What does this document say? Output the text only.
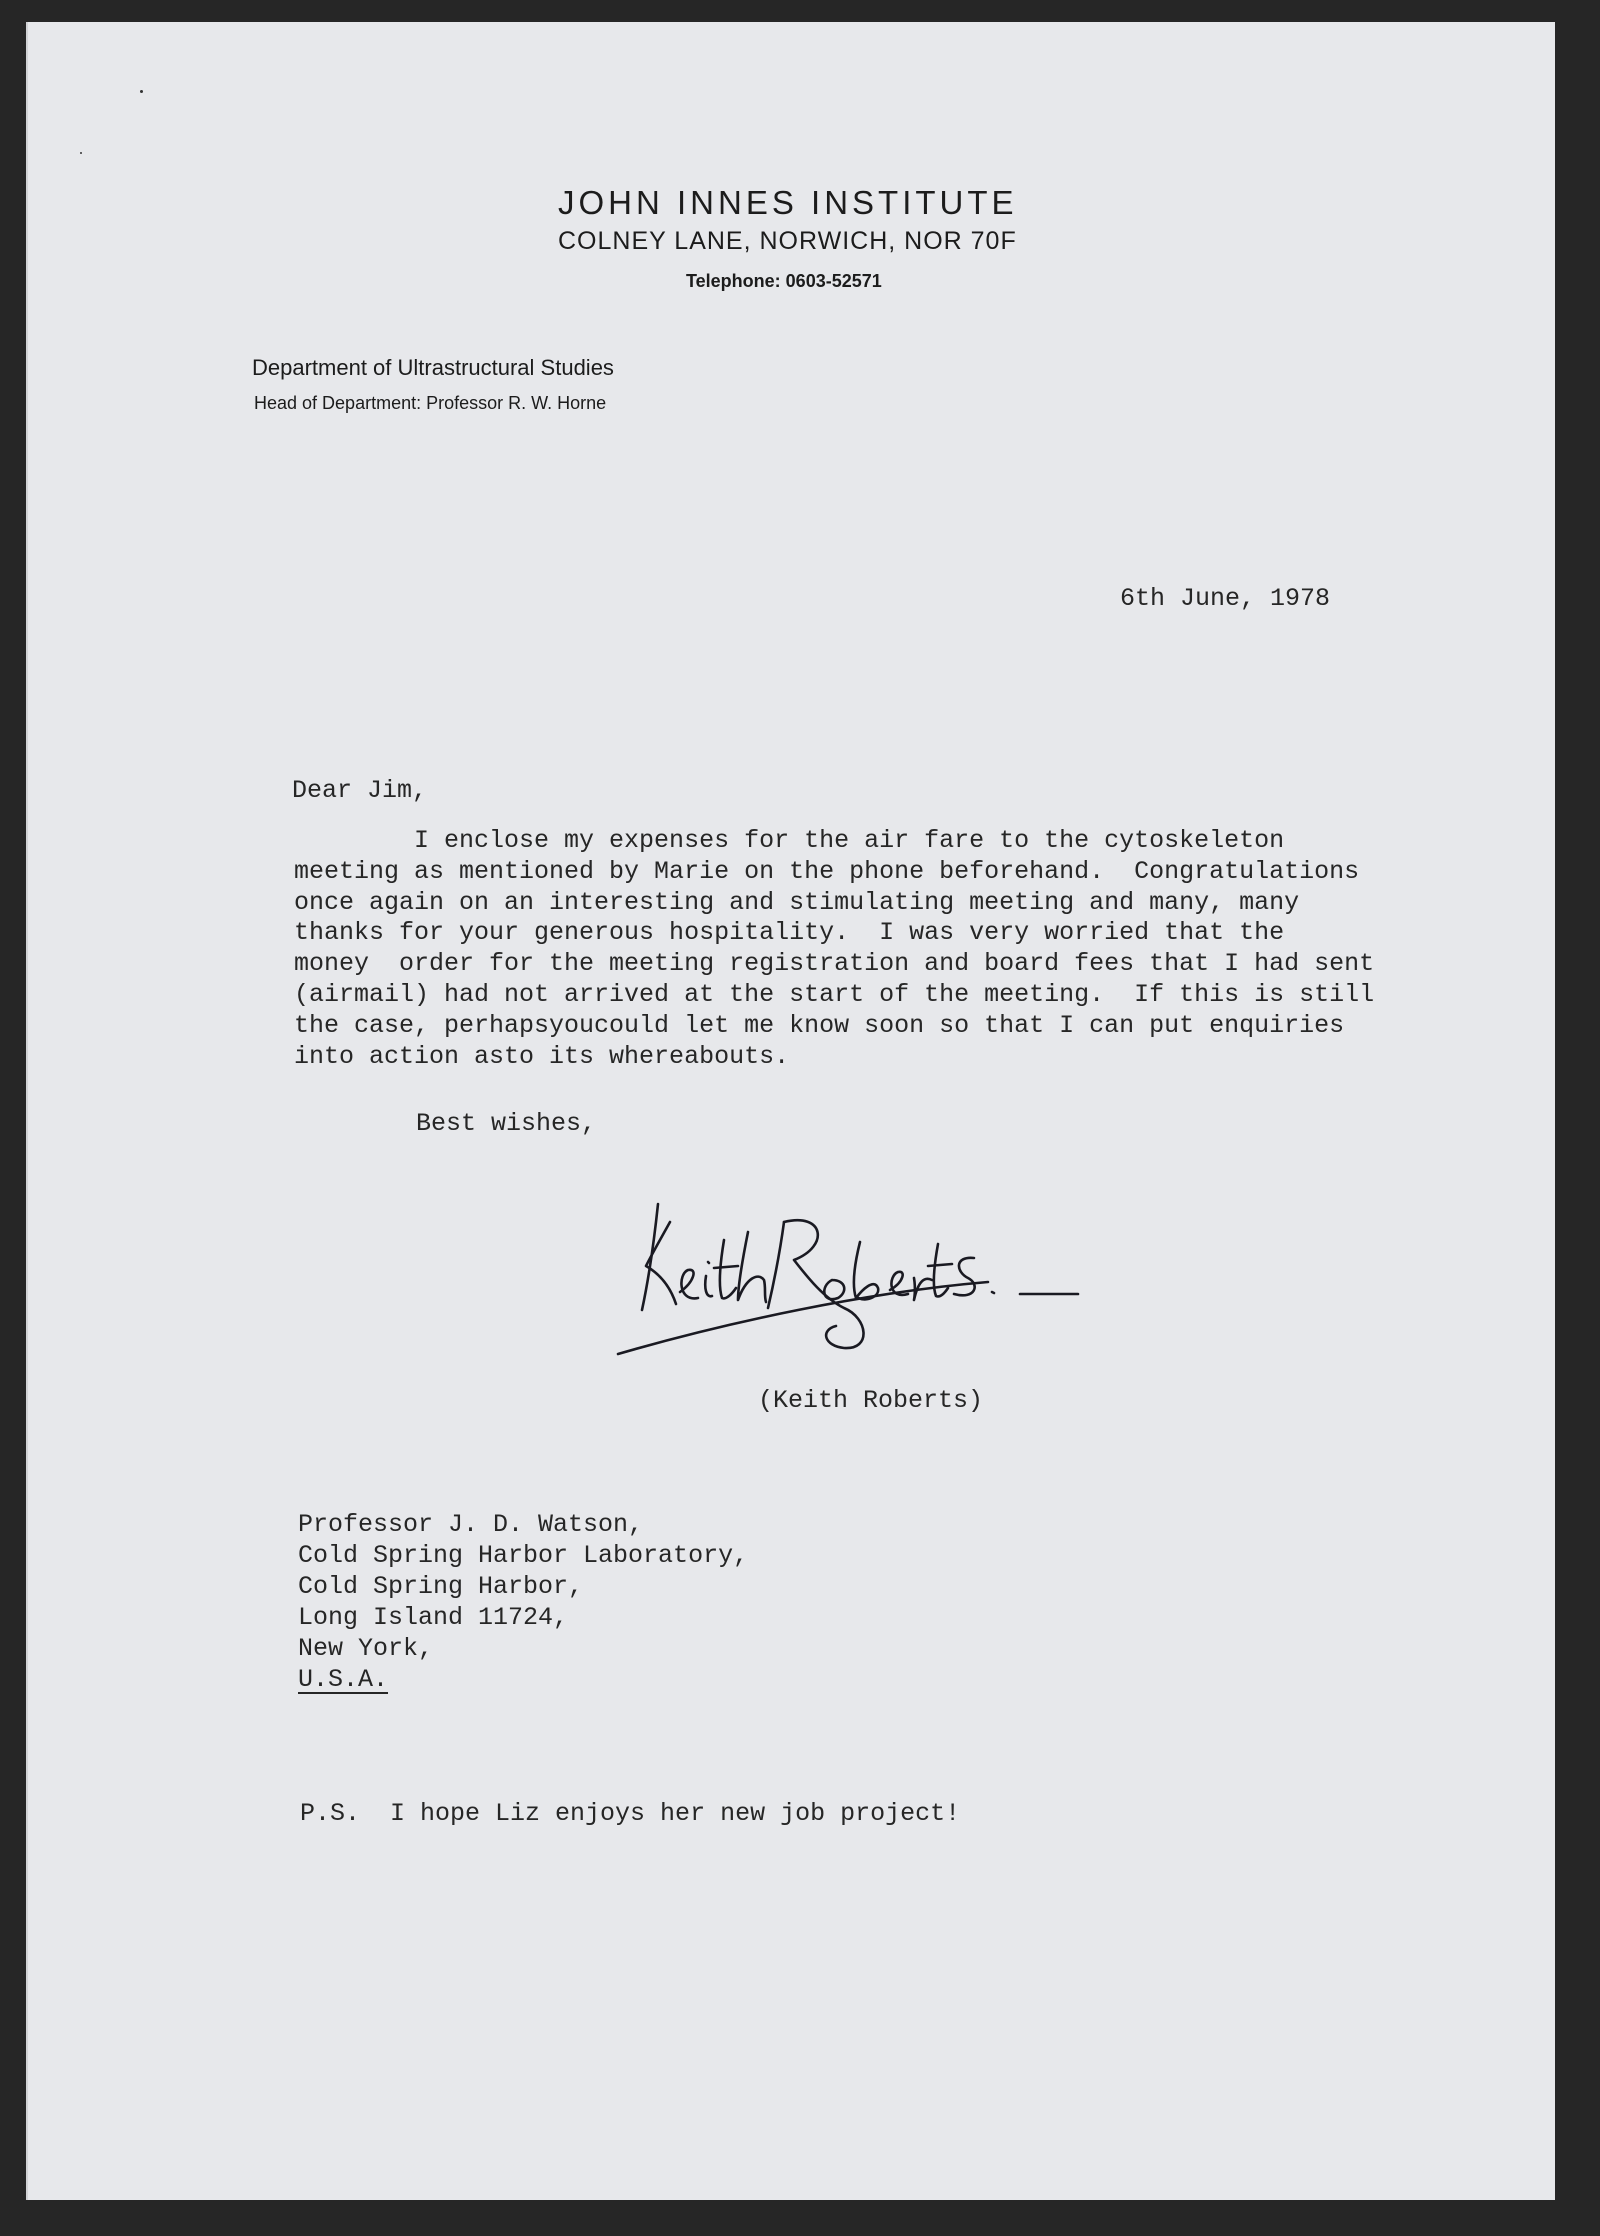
JOHN INNES INSTITUTE
COLNEY LANE, NORWICH, NOR 70F
Telephone: 0603-52571
Department of Ultrastructural Studies
Head of Department: Professor R. W. Horne
6th June, 1978
Dear Jim,
I enclose my expenses for the air fare to the cytoskeleton
meeting as mentioned by Marie on the phone beforehand.  Congratulations
once again on an interesting and stimulating meeting and many, many
thanks for your generous hospitality.  I was very worried that the
money  order for the meeting registration and board fees that I had sent
(airmail) had not arrived at the start of the meeting.  If this is still
the case, perhapsyoucould let me know soon so that I can put enquiries
into action asto its whereabouts.
Best wishes,
(Keith Roberts)
Professor J. D. Watson,
Cold Spring Harbor Laboratory,
Cold Spring Harbor,
Long Island 11724,
New York,
U.S.A.
P.S.  I hope Liz enjoys her new job project!
